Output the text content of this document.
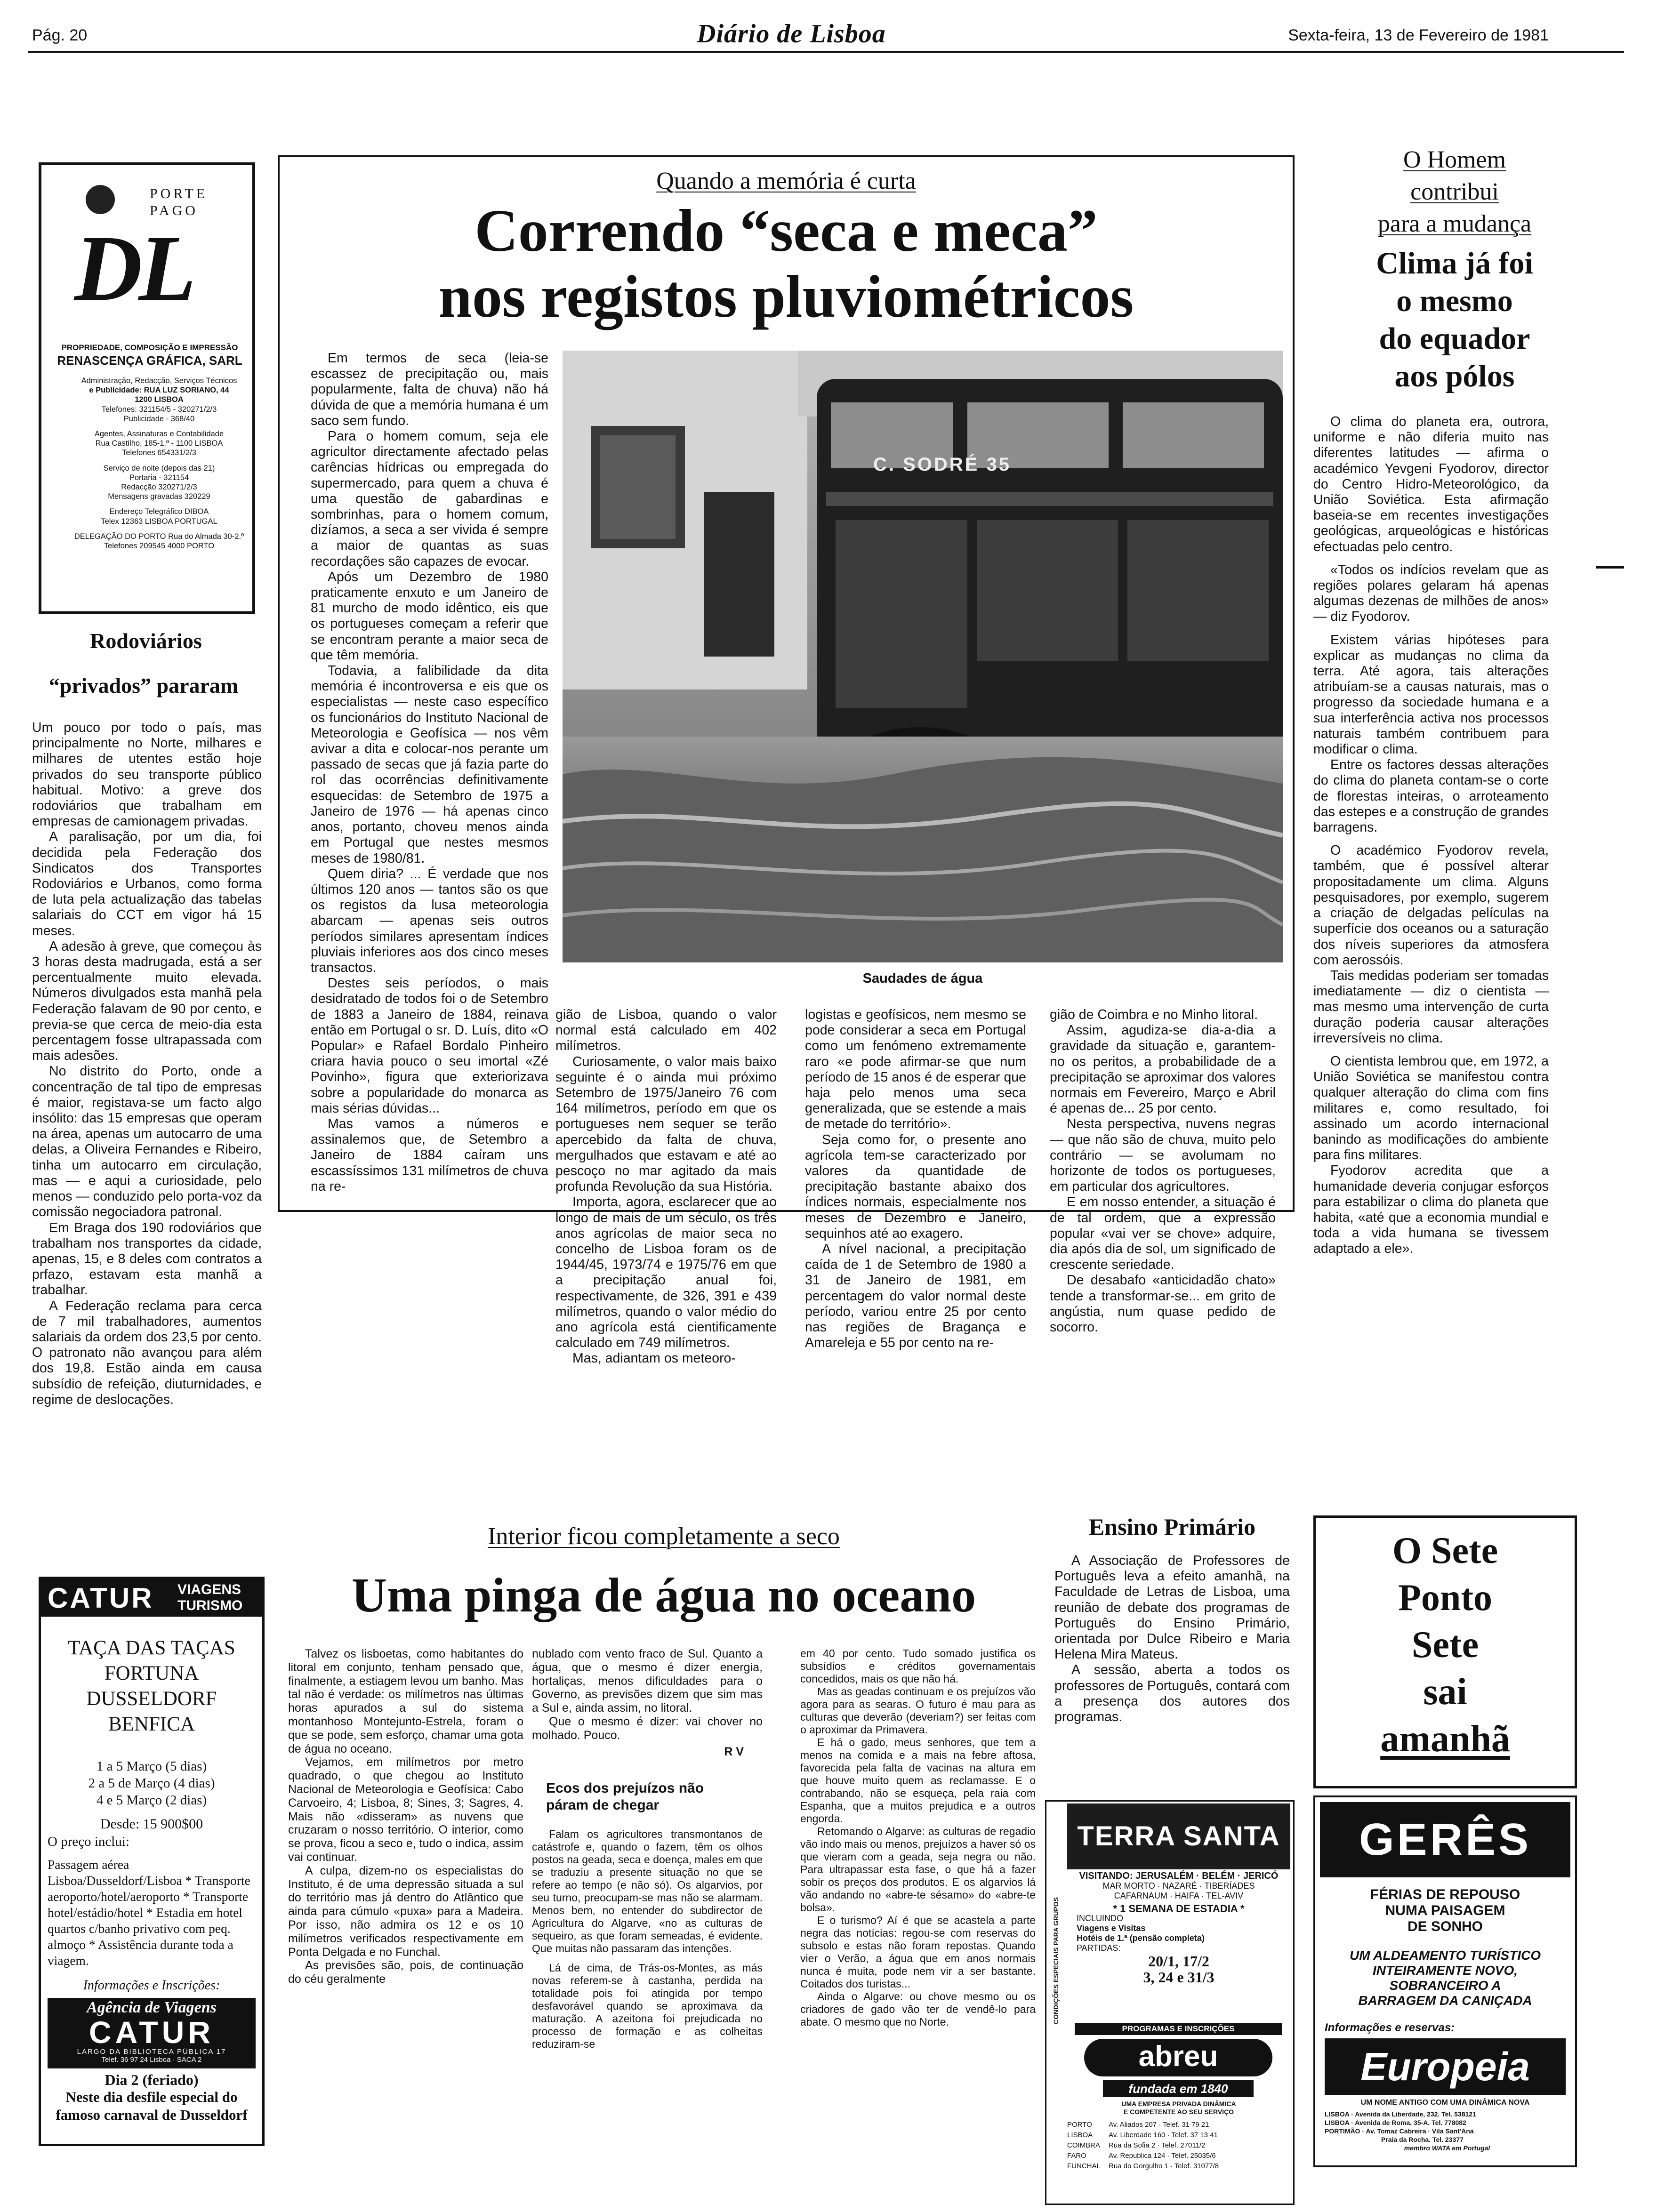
Pág. 20	Diário de Lisboa	Sexta-feira, 13 de Fevereiro de 1981
PORTE
PAGO
DL
PROPRIEDADE, COMPOSIÇÃO E IMPRESSÃO
RENASCENÇA GRÁFICA, SARL
Administração, Redacção, Serviços Técnicos
e Publicidade: RUA LUZ SORIANO, 44
1200 LISBOA
Telefones: 321154/5 - 320271/2/3
Publicidade - 368/40
Agentes, Assinaturas e Contabilidade
Rua Castilho, 185-1.º - 1100 LISBOA
Telefones 654331/2/3
Serviço de noite (depois das 21)
Portaria - 321154
Redacção 320271/2/3
Mensagens gravadas 320229
Endereço Telegráfico DIBOA
Telex 12363 LISBOA PORTUGAL
DELEGAÇÃO DO PORTO Rua do Almada 30-2.º
Telefones 209545 4000 PORTO
Rodoviários
“privados” pararam

Um pouco por todo o país, mas principalmente no Norte, milhares e milhares de utentes estão hoje privados do seu transporte público habitual. Motivo: a greve dos rodoviários que trabalham em empresas de camionagem privadas.

A paralisação, por um dia, foi decidida pela Federação dos Sindicatos dos Transportes Rodoviários e Urbanos, como forma de luta pela actualização das tabelas salariais do CCT em vigor há 15 meses.

A adesão à greve, que começou às 3 horas desta madrugada, está a ser percentualmente muito elevada. Números divulgados esta manhã pela Federação falavam de 90 por cento, e previa-se que cerca de meio-dia esta percentagem fosse ultrapassada com mais adesões.

No distrito do Porto, onde a concentração de tal tipo de empresas é maior, registava-se um facto algo insólito: das 15 empresas que operam na área, apenas um autocarro de uma delas, a Oliveira Fernandes e Ribeiro, tinha um autocarro em circulação, mas — e aqui a curiosidade, pelo menos — conduzido pelo porta-voz da comissão negociadora patronal.

Em Braga dos 190 rodoviários que trabalham nos transportes da cidade, apenas, 15, e 8 deles com contratos a prfazo, estavam esta manhã a trabalhar.

A Federação reclama para cerca de 7 mil trabalhadores, aumentos salariais da ordem dos 23,5 por cento. O patronato não avançou para além dos 19,8. Estão ainda em causa subsídio de refeição, diuturnidades, e regime de deslocações.

CATUR VIAGENS
TURISMO
TAÇA DAS TAÇAS
FORTUNA
DUSSELDORF
BENFICA
1 a 5 Março (5 dias)
2 a 5 de Março (4 dias)
4 e 5 Março (2 dias)
Desde: 15 900$00
O preço inclui:
Passagem aérea Lisboa/Dusseldorf/Lisboa * Transporte aeroporto/hotel/aeroporto * Transporte hotel/estádio/hotel * Estadia em hotel quartos c/banho privativo com peq. almoço * Assistência durante toda a viagem.
Informações e Inscrições:
Agência de Viagens
CATUR
LARGO DA BIBLIOTECA PÚBLICA 17
Telef. 36 97 24 Lisboa · SACA 2
Dia 2 (feriado)
Neste dia desfile especial do famoso carnaval de Dusseldorf
Quando a memória é curta
Correndo “seca e meca”
nos registos pluviométricos
C. SODRÉ 35
Saudades de água

Em termos de seca (leia-se escassez de precipitação ou, mais popularmente, falta de chuva) não há dúvida de que a memória humana é um saco sem fundo.

Para o homem comum, seja ele agricultor directamente afectado pelas carências hídricas ou empregada do supermercado, para quem a chuva é uma questão de gabardinas e sombrinhas, para o homem comum, dizíamos, a seca a ser vivida é sempre a maior de quantas as suas recordações são capazes de evocar.

Após um Dezembro de 1980 praticamente enxuto e um Janeiro de 81 murcho de modo idêntico, eis que os portugueses começam a referir que se encontram perante a maior seca de que têm memória.

Todavia, a falibilidade da dita memória é incontroversa e eis que os especialistas — neste caso específico os funcionários do Instituto Nacional de Meteorologia e Geofísica — nos vêm avivar a dita e colocar-nos perante um passado de secas que já fazia parte do rol das ocorrências definitivamente esquecidas: de Setembro de 1975 a Janeiro de 1976 — há apenas cinco anos, portanto, choveu menos ainda em Portugal que nestes mesmos meses de 1980/81.

Quem diria? ... É verdade que nos últimos 120 anos — tantos são os que os registos da lusa meteorologia abarcam — apenas seis outros períodos similares apresentam índices pluviais inferiores aos dos cinco meses transactos.

Destes seis períodos, o mais desidratado de todos foi o de Setembro de 1883 a Janeiro de 1884, reinava então em Portugal o sr. D. Luís, dito «O Popular» e Rafael Bordalo Pinheiro criara havia pouco o seu imortal «Zé Povinho», figura que exteriorizava sobre a popularidade do monarca as mais sérias dúvidas...

Mas vamos a números e assinalemos que, de Setembro a Janeiro de 1884 caíram uns escassíssimos 131 milímetros de chuva na re-

gião de Lisboa, quando o valor normal está calculado em 402 milímetros.

Curiosamente, o valor mais baixo seguinte é o ainda mui próximo Setembro de 1975/Janeiro 76 com 164 milímetros, período em que os portugueses nem sequer se terão apercebido da falta de chuva, mergulhados que estavam e até ao pescoço no mar agitado da mais profunda Revolução da sua História.

Importa, agora, esclarecer que ao longo de mais de um século, os três anos agrícolas de maior seca no concelho de Lisboa foram os de 1944/45, 1973/74 e 1975/76 em que a precipitação anual foi, respectivamente, de 326, 391 e 439 milímetros, quando o valor médio do ano agrícola está cientificamente calculado em 749 milímetros.

Mas, adiantam os meteoro-

logistas e geofísicos, nem mesmo se pode considerar a seca em Portugal como um fenómeno extremamente raro «e pode afirmar-se que num período de 15 anos é de esperar que haja pelo menos uma seca generalizada, que se estende a mais de metade do território».

Seja como for, o presente ano agrícola tem-se caracterizado por valores da quantidade de precipitação bastante abaixo dos índices normais, especialmente nos meses de Dezembro e Janeiro, sequinhos até ao exagero.

A nível nacional, a precipitação caída de 1 de Setembro de 1980 a 31 de Janeiro de 1981, em percentagem do valor normal deste período, variou entre 25 por cento nas regiões de Bragança e Amareleja e 55 por cento na re-

gião de Coimbra e no Minho litoral.

Assim, agudiza-se dia-a-dia a gravidade da situação e, garantem-no os peritos, a probabilidade de a precipitação se aproximar dos valores normais em Fevereiro, Março e Abril é apenas de... 25 por cento.

Nesta perspectiva, nuvens negras — que não são de chuva, muito pelo contrário — se avolumam no horizonte de todos os portugueses, em particular dos agricultores.

E em nosso entender, a situação é de tal ordem, que a expressão popular «vai ver se chove» adquire, dia após dia de sol, um significado de crescente seriedade.

De desabafo «anticidadão chato» tende a transformar-se... em grito de angústia, num quase pedido de socorro.

O Homem
contribui
para a mudança
Clima já foi
o mesmo
do equador
aos pólos

O clima do planeta era, outrora, uniforme e não diferia muito nas diferentes latitudes — afirma o académico Yevgeni Fyodorov, director do Centro Hidro-Meteorológico, da União Soviética. Esta afirmação baseia-se em recentes investigações geológicas, arqueológicas e históricas efectuadas pelo centro.

«Todos os indícios revelam que as regiões polares gelaram há apenas algumas dezenas de milhões de anos» — diz Fyodorov.

Existem várias hipóteses para explicar as mudanças no clima da terra. Até agora, tais alterações atribuíam-se a causas naturais, mas o progresso da sociedade humana e a sua interferência activa nos processos naturais também contribuem para modificar o clima.

Entre os factores dessas alterações do clima do planeta contam-se o corte de florestas inteiras, o arroteamento das estepes e a construção de grandes barragens.

O académico Fyodorov revela, também, que é possível alterar propositadamente um clima. Alguns pesquisadores, por exemplo, sugerem a criação de delgadas películas na superfície dos oceanos ou a saturação dos níveis superiores da atmosfera com aerossóis.

Tais medidas poderiam ser tomadas imediatamente — diz o cientista — mas mesmo uma intervenção de curta duração poderia causar alterações irreversíveis no clima.

O cientista lembrou que, em 1972, a União Soviética se manifestou contra qualquer alteração do clima com fins militares e, como resultado, foi assinado um acordo internacional banindo as modificações do ambiente para fins militares.

Fyodorov acredita que a humanidade deveria conjugar esforços para estabilizar o clima do planeta que habita, «até que a economia mundial e toda a vida humana se tivessem adaptado a ele».

Interior ficou completamente a seco
Uma pinga de água no oceano

Talvez os lisboetas, como habitantes do litoral em conjunto, tenham pensado que, finalmente, a estiagem levou um banho. Mas tal não é verdade: os milímetros nas últimas horas apurados a sul do sistema montanhoso Montejunto-Estrela, foram o que se pode, sem esforço, chamar uma gota de água no oceano.

Vejamos, em milímetros por metro quadrado, o que chegou ao Instituto Nacional de Meteorologia e Geofísica: Cabo Carvoeiro, 4; Lisboa, 8; Sines, 3; Sagres, 4. Mais não «disseram» as nuvens que cruzaram o nosso território. O interior, como se prova, ficou a seco e, tudo o indica, assim vai continuar.

A culpa, dizem-no os especialistas do Instituto, é de uma depressão situada a sul do território mas já dentro do Atlântico que ainda para cúmulo «puxa» para a Madeira. Por isso, não admira os 12 e os 10 milímetros verificados respectivamente em Ponta Delgada e no Funchal.

As previsões são, pois, de continuação do céu geralmente

nublado com vento fraco de Sul. Quanto a água, que o mesmo é dizer energia, hortaliças, menos dificuldades para o Governo, as previsões dizem que sim mas a Sul e, ainda assim, no litoral.

Que o mesmo é dizer: vai chover no molhado. Pouco.

R V
Ecos dos prejuízos não páram de chegar

Falam os agricultores transmontanos de catástrofe e, quando o fazem, têm os olhos postos na geada, seca e doença, males em que se traduziu a presente situação no que se refere ao tempo (e não só). Os algarvios, por seu turno, preocupam-se mas não se alarmam. Menos bem, no entender do subdirector de Agricultura do Algarve, «no as culturas de sequeiro, as que foram semeadas, é evidente. Que muitas não passaram das intenções.

Lá de cima, de Trás-os-Montes, as más novas referem-se à castanha, perdida na totalidade pois foi atingida por tempo desfavorável quando se aproximava da maturação. A azeitona foi prejudicada no processo de formação e as colheitas reduziram-se

em 40 por cento. Tudo somado justifica os subsídios e créditos governamentais concedidos, mais os que não há.

Mas as geadas continuam e os prejuízos vão agora para as searas. O futuro é mau para as culturas que deverão (deveriam?) ser feitas com o aproximar da Primavera.

E há o gado, meus senhores, que tem a menos na comida e a mais na febre aftosa, favorecida pela falta de vacinas na altura em que houve muito quem as reclamasse. E o contrabando, não se esqueça, pela raia com Espanha, que a muitos prejudica e a outros engorda.

Retomando o Algarve: as culturas de regadio vão indo mais ou menos, prejuízos a haver só os que vieram com a geada, seja negra ou não. Para ultrapassar esta fase, o que há a fazer sobir os preços dos produtos. E os algarvios lá vão andando no «abre-te sésamo» do «abre-te bolsa».

E o turismo? Aí é que se acastela a parte negra das notícias: regou-se com reservas do subsolo e estas não foram repostas. Quando vier o Verão, a água que em anos normais nunca é muita, pode nem vir a ser bastante. Coitados dos turistas...

Ainda o Algarve: ou chove mesmo ou os criadores de gado vão ter de vendê-lo para abate. O mesmo que no Norte.

Ensino Primário

A Associação de Professores de Português leva a efeito amanhã, na Faculdade de Letras de Lisboa, uma reunião de debate dos programas de Português do Ensino Primário, orientada por Dulce Ribeiro e Maria Helena Mira Mateus.

A sessão, aberta a todos os professores de Português, contará com a presença dos autores dos programas.

O Sete
Ponto
Sete
sai
amanhã
TERRA SANTA
CONDIÇÕES ESPECIAIS PARA GRUPOS
VISITANDO: JERUSALÉM · BELÉM · JERICÓ
MAR MORTO · NAZARÉ · TIBERÍADES
CAFARNAUM · HAIFA · TEL-AVIV
* 1 SEMANA DE ESTADIA *
INCLUINDO
Viagens e Visitas
Hotéis de 1.ª (pensão completa)
PARTIDAS:
20/1, 17/2
3, 24 e 31/3
PROGRAMAS E INSCRIÇÕES
abreu
fundada em 1840
UMA EMPRESA PRIVADA DINÂMICA
E COMPETENTE AO SEU SERVIÇO
PORTO Av. Aliados 207 · Telef. 31 79 21
LISBOA Av. Liberdade 160 · Telef. 37 13 41
COIMBRA Rua da Sofia 2 · Telef. 27011/2
FARO	Av. Republica 124 · Telef. 25035/6
FUNCHAL Rua do Gorgulho 1 · Telef. 31077/8
GERÊS
FÉRIAS DE REPOUSO
NUMA PAISAGEM
DE SONHO
UM ALDEAMENTO TURÍSTICO
INTEIRAMENTE NOVO,
SOBRANCEIRO A
BARRAGEM DA CANIÇADA
Informações e reservas:
Europeia
UM NOME ANTIGO COM UMA DINÂMICA NOVA
LISBOA · Avenida da Liberdade, 232. Tel. 538121
LISBOA · Avenida de Roma, 35-A. Tel. 778082
PORTIMÃO · Av. Tomaz Cabreira · Vila Sant'Ana
Praia da Rocha. Tel. 23377
membro WATA em Portugal
